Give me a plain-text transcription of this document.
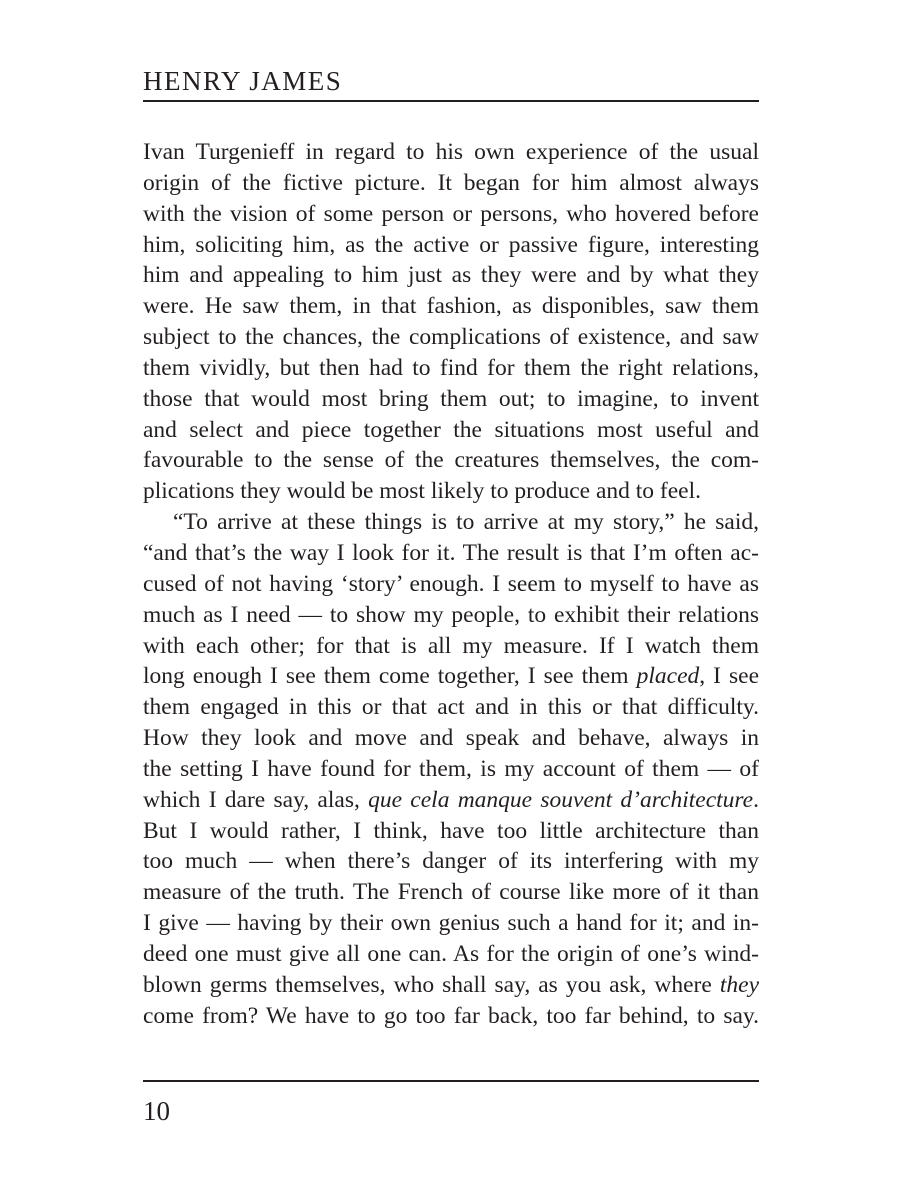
HENRY JAMES

Ivan Turgenieff in regard to his own experience of the usual
origin of the fictive picture. It began for him almost always
with the vision of some person or persons, who hovered before
him, soliciting him, as the active or passive figure, interesting
him and appealing to him just as they were and by what they
were. He saw them, in that fashion, as disponibles, saw them
subject to the chances, the complications of existence, and saw
them vividly, but then had to find for them the right relations,
those that would most bring them out; to imagine, to invent
and select and piece together the situations most useful and
favourable to the sense of the creatures themselves, the com-
plications they would be most likely to produce and to feel.

“To arrive at these things is to arrive at my story,” he said,
“and that’s the way I look for it. The result is that I’m often ac-
cused of not having ‘story’ enough. I seem to myself to have as
much as I need — to show my people, to exhibit their relations
with each other; for that is all my measure. If I watch them
long enough I see them come together, I see them placed, I see
them engaged in this or that act and in this or that difficulty.
How they look and move and speak and behave, always in
the setting I have found for them, is my account of them — of
which I dare say, alas, que cela manque souvent d’architecture.
But I would rather, I think, have too little architecture than
too much — when there’s danger of its interfering with my
measure of the truth. The French of course like more of it than
I give — having by their own genius such a hand for it; and in-
deed one must give all one can. As for the origin of one’s wind-
blown germs themselves, who shall say, as you ask, where they
come from? We have to go too far back, too far behind, to say.

10
